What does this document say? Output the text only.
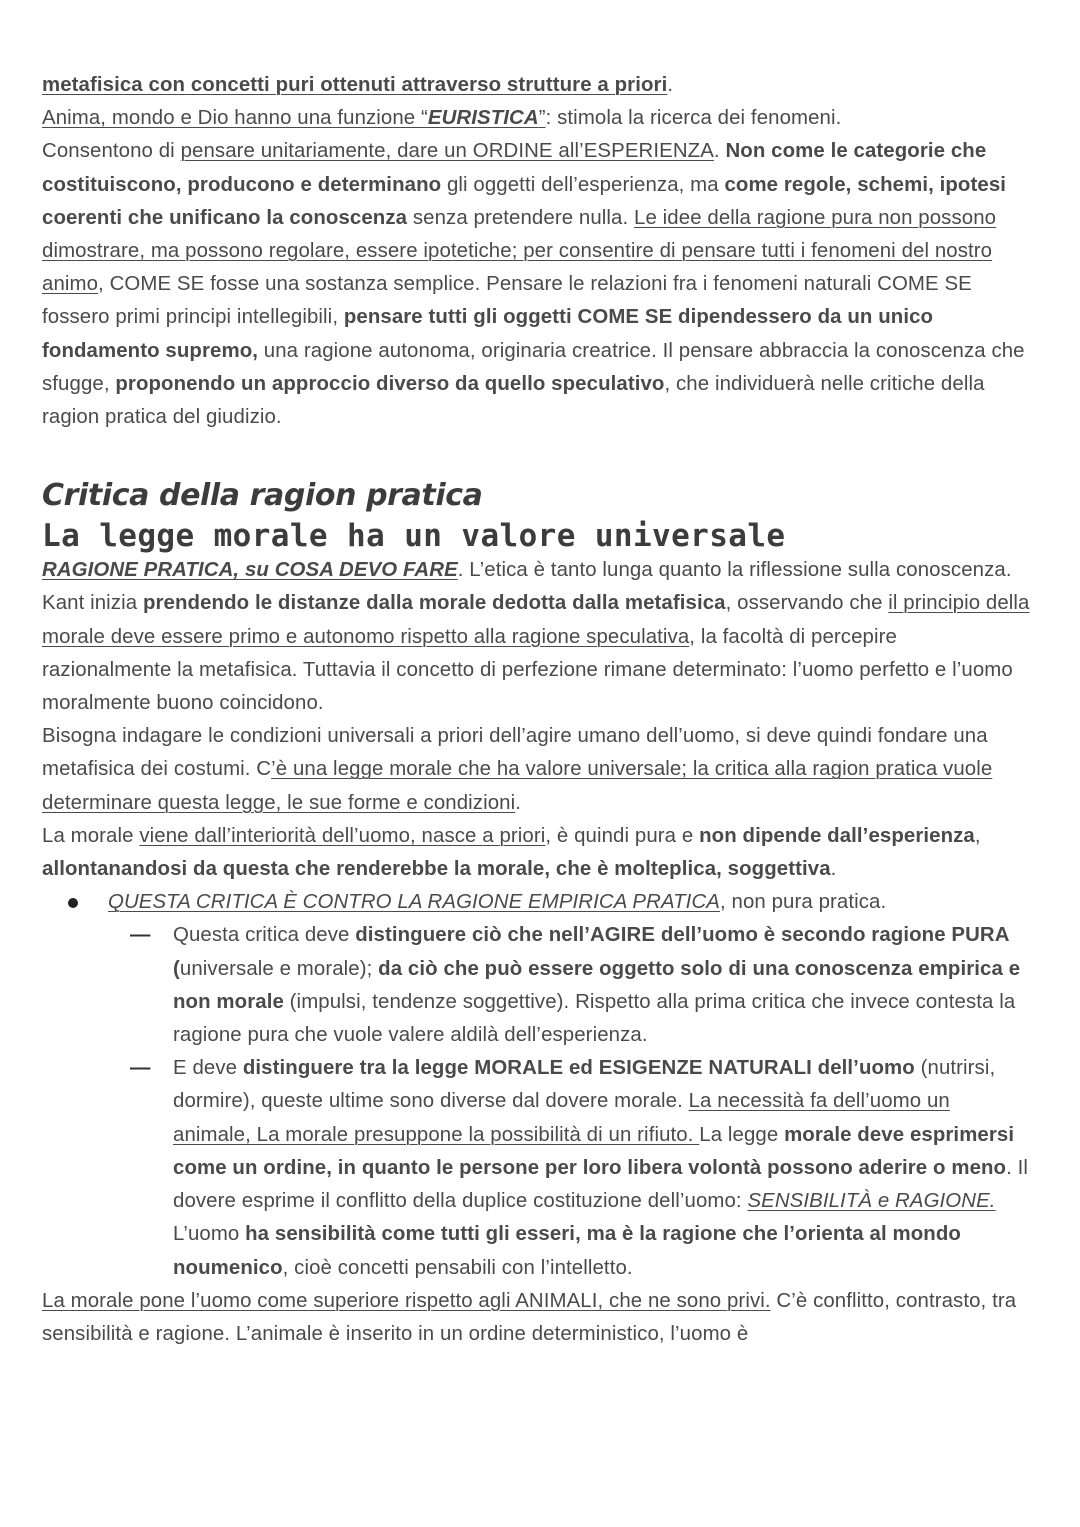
metafisica con concetti puri ottenuti attraverso strutture a priori.

Anima, mondo e Dio hanno una funzione “EURISTICA”: stimola la ricerca dei fenomeni.
Consentono di pensare unitariamente, dare un ORDINE all’ESPERIENZA. Non come le categorie che costituiscono, producono e determinano gli oggetti dell’esperienza, ma come regole, schemi, ipotesi coerenti che unificano la conoscenza senza pretendere nulla. Le idee della ragione pura non possono dimostrare, ma possono regolare, essere ipotetiche; per consentire di pensare tutti i fenomeni del nostro animo, COME SE fosse una sostanza semplice. Pensare le relazioni fra i fenomeni naturali COME SE fossero primi principi intellegibili, pensare tutti gli oggetti COME SE dipendessero da un unico fondamento supremo, una ragione autonoma, originaria creatrice. Il pensare abbraccia la conoscenza che sfugge, proponendo un approccio diverso da quello speculativo, che individuerà nelle critiche della ragion pratica del giudizio.

Critica della ragion pratica
La legge morale ha un valore universale

RAGIONE PRATICA, su COSA DEVO FARE. L’etica è tanto lunga quanto la riflessione sulla conoscenza. Kant inizia prendendo le distanze dalla morale dedotta dalla metafisica, osservando che il principio della morale deve essere primo e autonomo rispetto alla ragione speculativa, la facoltà di percepire razionalmente la metafisica. Tuttavia il concetto di perfezione rimane determinato: l’uomo perfetto e l’uomo moralmente buono coincidono.

Bisogna indagare le condizioni universali a priori dell’agire umano dell’uomo, si deve quindi fondare una metafisica dei costumi. C’è una legge morale che ha valore universale; la critica alla ragion pratica vuole determinare questa legge, le sue forme e condizioni.

La morale viene dall’interiorità dell’uomo, nasce a priori, è quindi pura e non dipende dall’esperienza, allontanandosi da questa che renderebbe la morale, che è molteplica, soggettiva.

QUESTA CRITICA È CONTRO LA RAGIONE EMPIRICA PRATICA, non pura pratica.
— Questa critica deve distinguere ciò che nell’AGIRE dell’uomo è secondo ragione PURA (universale e morale); da ciò che può essere oggetto solo di una conoscenza empirica e non morale (impulsi, tendenze soggettive). Rispetto alla prima critica che invece contesta la ragione pura che vuole valere aldilà dell’esperienza.
— E deve distinguere tra la legge MORALE ed ESIGENZE NATURALI dell’uomo (nutrirsi, dormire), queste ultime sono diverse dal dovere morale. La necessità fa dell’uomo un animale, La morale presuppone la possibilità di un rifiuto. La legge morale deve esprimersi come un ordine, in quanto le persone per loro libera volontà possono aderire o meno. Il dovere esprime il conflitto della duplice costituzione dell’uomo: SENSIBILITÀ e RAGIONE. L’uomo ha sensibilità come tutti gli esseri, ma è la ragione che l’orienta al mondo noumenico, cioè concetti pensabili con l’intelletto.

La morale pone l’uomo come superiore rispetto agli ANIMALI, che ne sono privi. C’è conflitto, contrasto, tra sensibilità e ragione. L’animale è inserito in un ordine deterministico, l’uomo è
